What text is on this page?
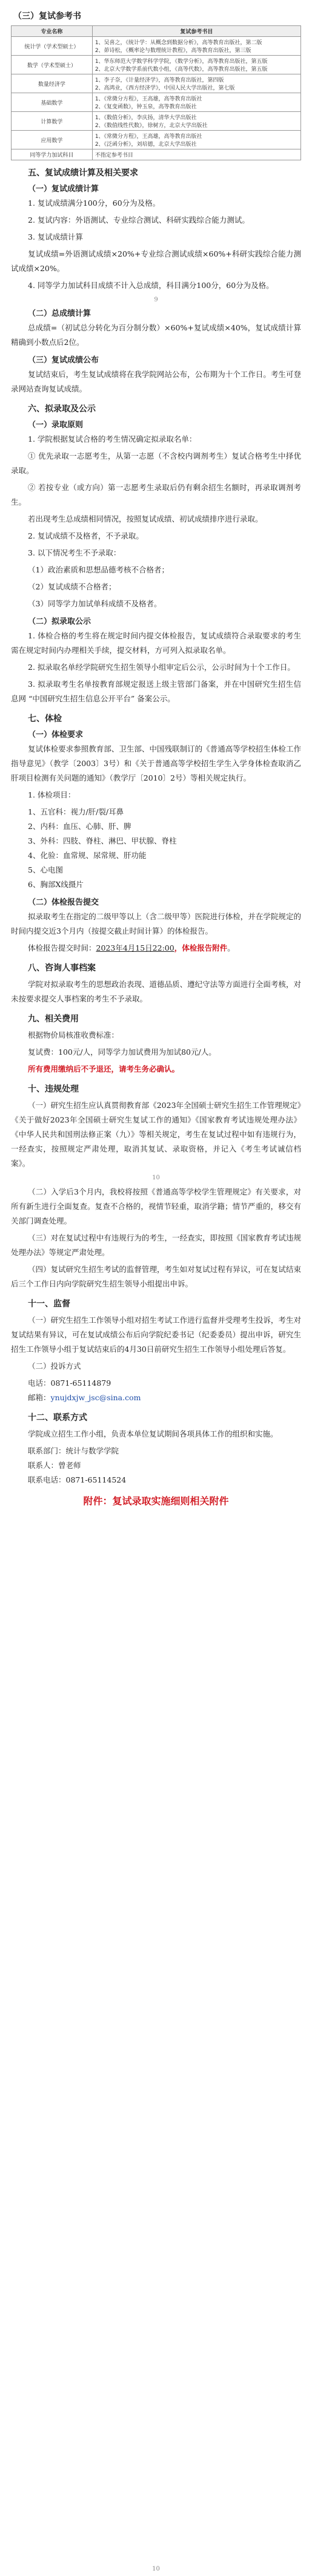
（三）复试参考书
专业名称	复试参考书目
统计学（学术型硕士）	1、吴喜之，《统计学：从概念到数据分析》，高等教育出版社，第二版
2、茆诗松，《概率论与数理统计教程》，高等教育出版社，第三版

数学（学术型硕士）	1、华东师范大学数学科学学院，《数学分析》，高等教育出版社，第五版
2、北京大学数学系前代数小组，《高等代数》，高等教育出版社，第五版

数量经济学	1、李子奈，《计量经济学》，高等教育出版社，第四版
2、高鸿业，《西方经济学》，中国人民大学出版社，第七版

基础数学	1、《常微分方程》，王高雄，高等教育出版社
2、《复变函数》，钟玉泉，高等教育出版社

计算数学	1、《数值分析》，李庆扬，清华大学出版社
2、《数值线性代数》，徐树方，北京大学出版社

应用数学	1、《常微分方程》，王高雄，高等教育出版社
2、《泛函分析》，刘培德，北京大学出版社

同等学力加试科目	不指定参考书目
五、复试成绩计算及相关要求
（一）复试成绩计算

1. 复试成绩满分100分，60分为及格。

2. 复试内容：外语测试、专业综合测试、科研实践综合能力测试。

3. 复试成绩计算

复试成绩=外语测试成绩×20%+专业综合测试成绩×60%+科研实践综合能力测试成绩×20%。

4. 同等学力加试科目成绩不计入总成绩，科目满分100分，60分为及格。

9
（二）总成绩计算

总成绩=（初试总分转化为百分制分数）×60%+复试成绩×40%，复试成绩计算精确到小数点后2位。

（三）复试成绩公布

复试结束后，考生复试成绩将在我学院网站公布，公布期为十个工作日。考生可登录网站查询复试成绩。

六、拟录取及公示
（一）录取原则

1. 学院根据复试合格的考生情况确定拟录取名单：

① 优先录取一志愿考生，从第一志愿（不含校内调剂考生）复试合格考生中择优录取。

② 若按专业（或方向）第一志愿考生录取后仍有剩余招生名额时，再录取调剂考生。

若出现考生总成绩相同情况，按照复试成绩、初试成绩排序进行录取。

2. 复试成绩不及格者，不予录取。

3. 以下情况考生不予录取：

（1）政治素质和思想品德考核不合格者；

（2）复试成绩不合格者；

（3）同等学力加试单科成绩不及格者。

（二）拟录取公示

1. 体检合格的考生将在规定时间内提交体检报告，复试成绩符合录取要求的考生需在规定时间内办理相关手续，提交材料，方可列入拟录取名单。

2. 拟录取名单经学院研究生招生领导小组审定后公示，公示时间为十个工作日。

3. 拟录取考生名单按教育部规定报送上级主管部门备案，并在中国研究生招生信息网 “中国研究生招生信息公开平台” 备案公示。

七、体检
（一）体检要求

复试体检要求参照教育部、卫生部、中国残联制订的《普通高等学校招生体检工作指导意见》（教学〔2003〕3号）和《关于普通高等学校招生学生入学身体检查取消乙肝项目检测有关问题的通知》（教学厅〔2010〕2号）等相关规定执行。

1. 体检项目：

1、五官科：视力/肝/裂/耳鼻
2、内科：血压、心肺、肝、脾
3、外科：四肢、脊柱、淋巴、甲状腺、脊柱
4、化验：血常规、尿常规、肝功能
5、心电图
6、胸部X线摄片
（二）体检报告提交

拟录取考生在指定的二级甲等以上（含二级甲等）医院进行体检，并在学院规定的时间内提交近3个月内（按提交截止时间计算）的体检报告。

体检报告提交时间：2023年4月15日22:00，体检报告附件。

八、咨询人事档案

学院对拟录取考生的思想政治表现、道德品质、遵纪守法等方面进行全面考核，对未按要求提交人事档案的考生不予录取。

九、相关费用

根据物价局核准收费标准：

复试费：100元/人，同等学力加试费用为加试80元/人。

所有费用缴纳后不予退还，请考生务必确认。

十、违规处理

（一）研究生招生应认真贯彻教育部《2023年全国硕士研究生招生工作管理规定》《关于做好2023年全国硕士研究生复试工作的通知》《国家教育考试违规处理办法》《中华人民共和国刑法修正案（九）》等相关规定，考生在复试过程中如有违规行为，一经查实，按照规定严肃处理，取消其复试、录取资格，并记入《考生考试诚信档案》。

10

（二）入学后3个月内，我校将按照《普通高等学校学生管理规定》有关要求，对所有新生进行全面复查。复查不合格的，视情节轻重，取消学籍；情节严重的，移交有关部门调查处理。

（三）对在复试过程中有违规行为的考生，一经查实，即按照《国家教育考试违规处理办法》等规定严肃处理。

（四）复试研究生招生考试的监督管理，考生如对复试过程有异议，可在复试结束后三个工作日内向学院研究生招生领导小组提出申诉。

十一、监督

（一）研究生招生工作领导小组对招生考试工作进行监督并受理考生投诉，考生对复试结果有异议，可在复试成绩公布后向学院纪委书记（纪委委员）提出申诉，研究生招生工作领导小组于复试结束后的4月30日前研究生招生工作领导小组处理后答复。

（二）投诉方式

电话：0871-65114879
邮箱：ynujdxjw_jsc@sina.com
十二、联系方式

学院成立招生工作小组，负责本单位复试期间各项具体工作的组织和实施。

联系部门：统计与数学学院
联系人：曾老师
联系电话：0871-65114524
附件：复试录取实施细则相关附件
10
